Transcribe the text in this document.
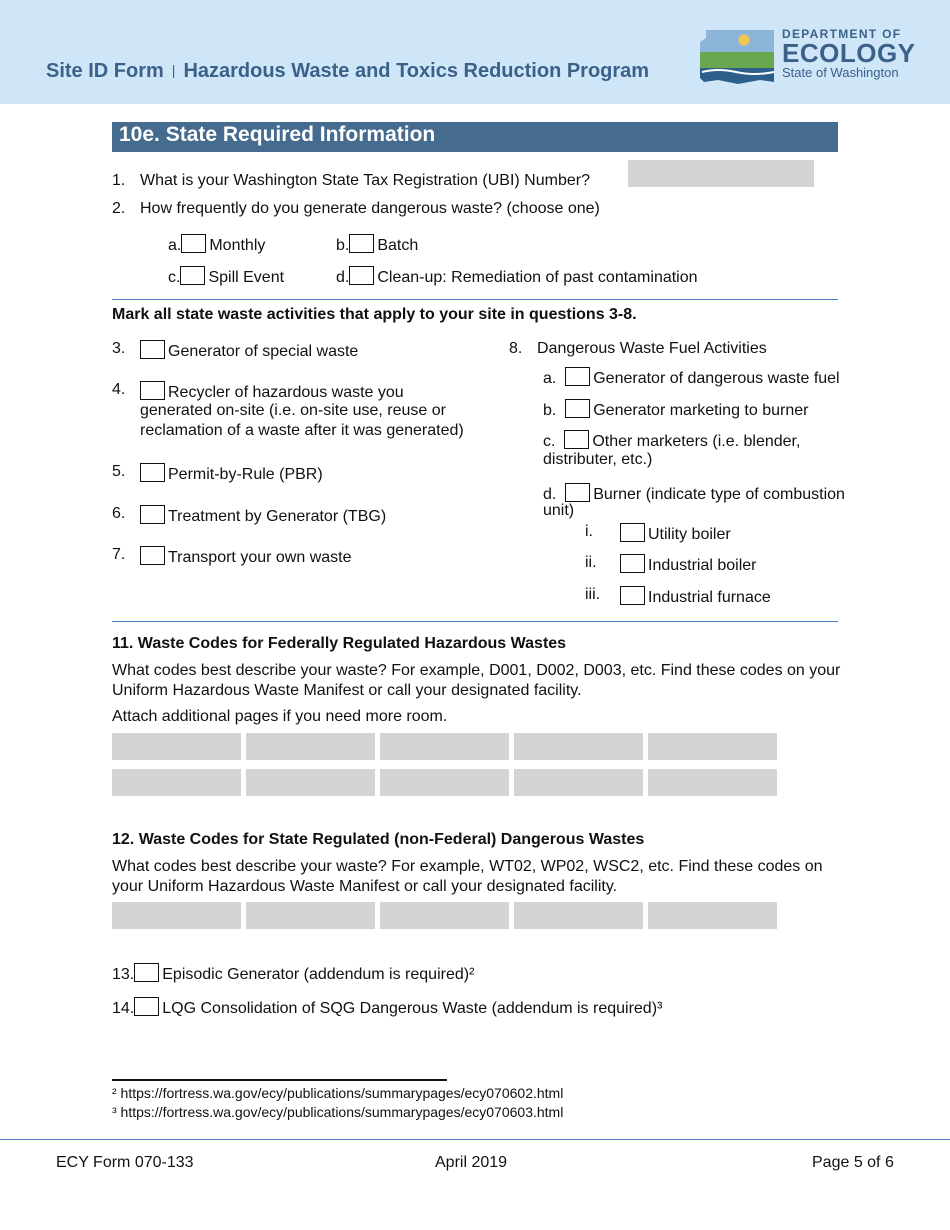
Site ID Form | Hazardous Waste and Toxics Reduction Program
DEPARTMENT OF
ECOLOGY
State of Washington
10e. State Required Information
1. What is your Washington State Tax Registration (UBI) Number?
2. How frequently do you generate dangerous waste? (choose one)
a. Monthly	b. Batch
c. Spill Event	d. Clean-up: Remediation of past contamination
Mark all state waste activities that apply to your site in questions 3-8.
3.	Generator of special waste
4.	Recycler of hazardous waste you
generated on-site (i.e. on-site use, reuse or
reclamation of a waste after it was generated)
5.	Permit-by-Rule (PBR)
6.	Treatment by Generator (TBG)
7.	Transport your own waste
8. Dangerous Waste Fuel Activities
a. Generator of dangerous waste fuel
b. Generator marketing to burner
c. Other marketers (i.e. blender,
distributer, etc.)
d. Burner (indicate type of combustion
unit)
i.	Utility boiler
ii.	Industrial boiler
iii.	Industrial furnace
11. Waste Codes for Federally Regulated Hazardous Wastes
What codes best describe your waste? For example, D001, D002, D003, etc. Find these codes on your
Uniform Hazardous Waste Manifest or call your designated facility.
Attach additional pages if you need more room.
12. Waste Codes for State Regulated (non-Federal) Dangerous Wastes
What codes best describe your waste? For example, WT02, WP02, WSC2, etc. Find these codes on
your Uniform Hazardous Waste Manifest or call your designated facility.
13. Episodic Generator (addendum is required)²
14. LQG Consolidation of SQG Dangerous Waste (addendum is required)³
² https://fortress.wa.gov/ecy/publications/summarypages/ecy070602.html
³ https://fortress.wa.gov/ecy/publications/summarypages/ecy070603.html
ECY Form 070-133	April 2019	Page 5 of 6
